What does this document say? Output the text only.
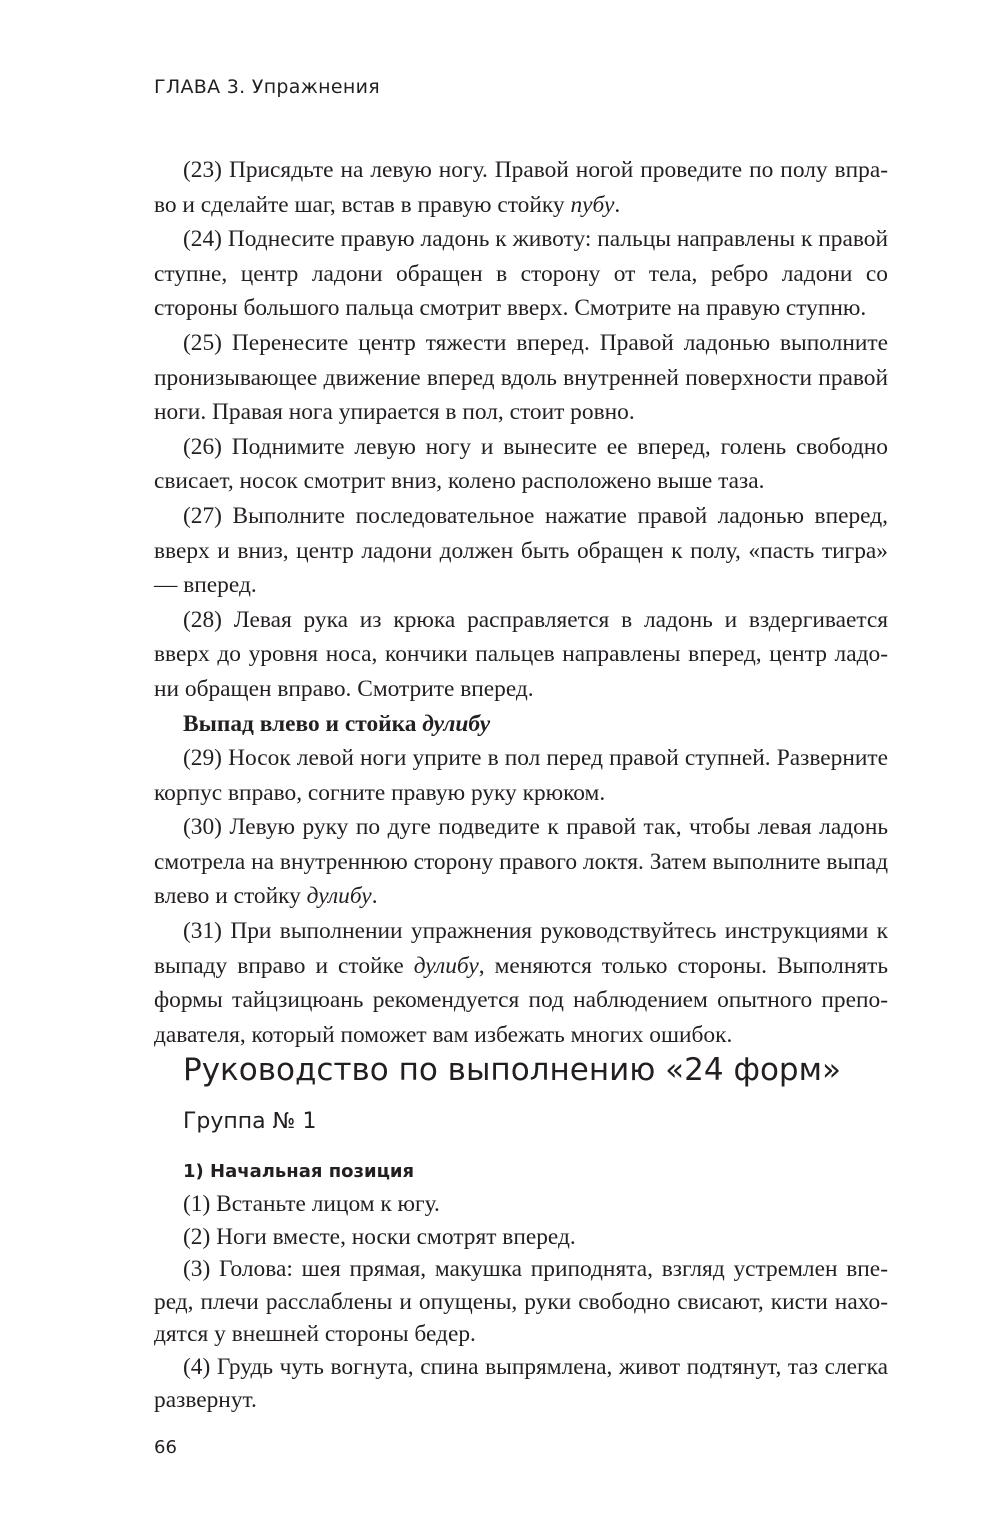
ГЛАВА 3. Упражнения

(23) Присядьте на левую ногу. Правой ногой проведите по полу вправо и сделайте шаг, встав в правую стойку пубу.

(24) Поднесите правую ладонь к животу: пальцы направлены к правой ступне, центр ладони обращен в сторону от тела, ребро ладони со стороны большого пальца смотрит вверх. Смотрите на правую ступню.

(25) Перенесите центр тяжести вперед. Правой ладонью выполните пронизывающее движение вперед вдоль внутренней поверхности правой ноги. Правая нога упирается в пол, стоит ровно.

(26) Поднимите левую ногу и вынесите ее вперед, голень свободно свисает, носок смотрит вниз, колено расположено выше таза.

(27) Выполните последовательное нажатие правой ладонью вперед, вверх и вниз, центр ладони должен быть обращен к полу, «пасть тигра» — вперед.

(28) Левая рука из крюка расправляется в ладонь и вздергивается вверх до уровня носа, кончики пальцев направлены вперед, центр ладони обращен вправо. Смотрите вперед.

Выпад влево и стойка дулибу

(29) Носок левой ноги уприте в пол перед правой ступней. Разверните корпус вправо, согните правую руку крюком.

(30) Левую руку по дуге подведите к правой так, чтобы левая ладонь смотрела на внутреннюю сторону правого локтя. Затем выполните выпад влево и стойку дулибу.

(31) При выполнении упражнения руководствуйтесь инструкциями к выпаду вправо и стойке дулибу, меняются только стороны. Выполнять формы тайцзицюань рекомендуется под наблюдением опытного преподавателя, который поможет вам избежать многих ошибок.

Руководство по выполнению «24 форм»
Группа № 1
1) Начальная позиция

(1) Встаньте лицом к югу.

(2) Ноги вместе, носки смотрят вперед.

(3) Голова: шея прямая, макушка приподнята, взгляд устремлен вперед, плечи расслаблены и опущены, руки свободно свисают, кисти находятся у внешней стороны бедер.

(4) Грудь чуть вогнута, спина выпрямлена, живот подтянут, таз слегка развернут.

66
